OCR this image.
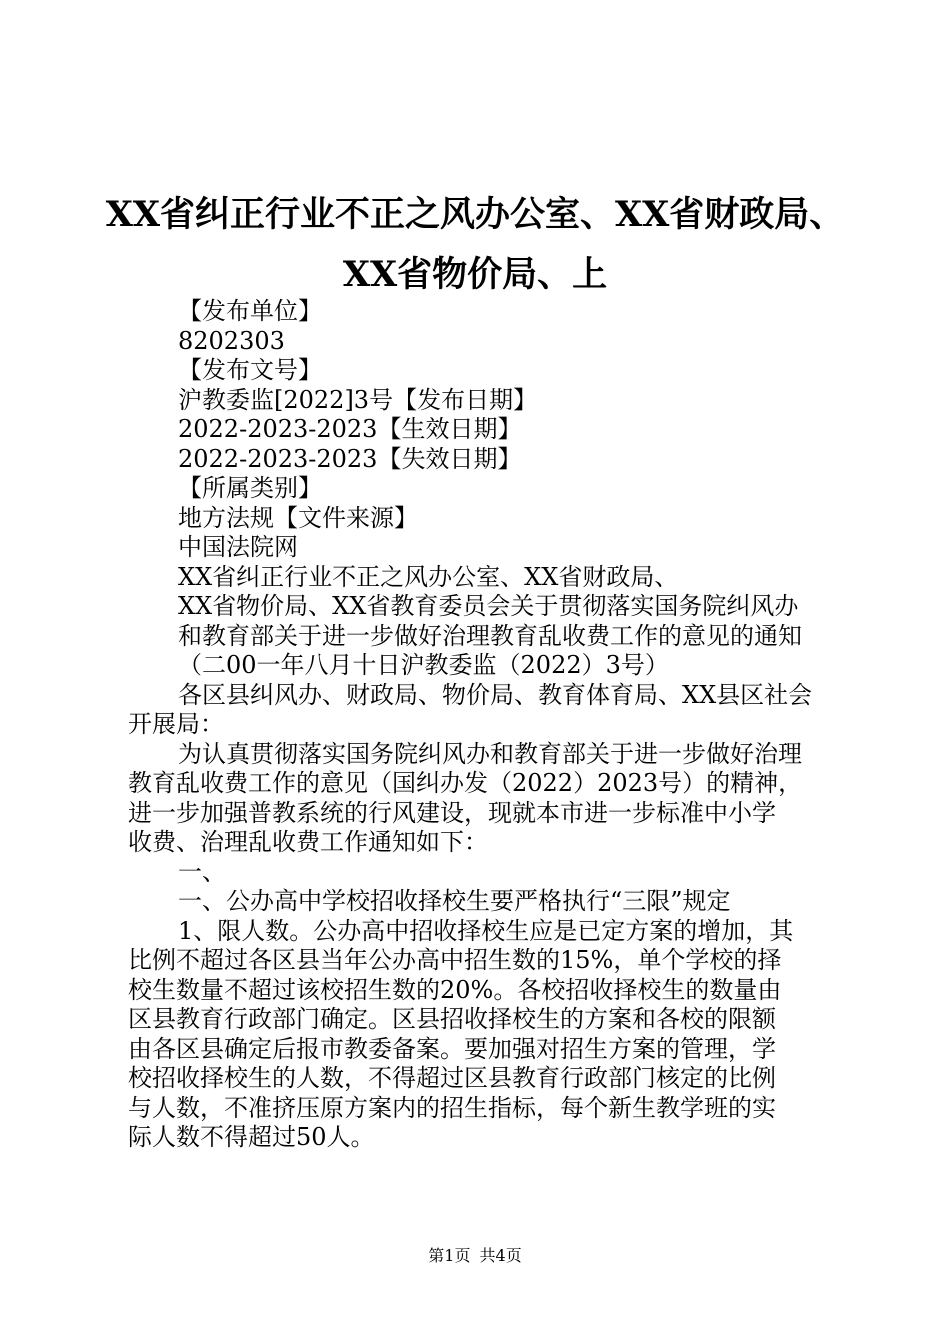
XX省纠正行业不正之风办公室、XX省财政局、
XX省物价局、上
【发布单位】
8202303
【发布文号】
沪教委监[2022]3号【发布日期】
2022-2023-2023【生效日期】
2022-2023-2023【失效日期】
【所属类别】
地方法规【文件来源】
中国法院网
XX省纠正行业不正之风办公室、XX省财政局、
XX省物价局、XX省教育委员会关于贯彻落实国务院纠风办
和教育部关于进一步做好治理教育乱收费工作的意见的通知
（二00一年八月十日沪教委监（2022）3号）
各区县纠风办、财政局、物价局、教育体育局、XX县区社会
开展局：
为认真贯彻落实国务院纠风办和教育部关于进一步做好治理
教育乱收费工作的意见（国纠办发（2022）2023号）的精神，
进一步加强普教系统的行风建设，现就本市进一步标准中小学
收费、治理乱收费工作通知如下：
一、
一、公办高中学校招收择校生要严格执行“三限”规定
1、限人数。公办高中招收择校生应是已定方案的增加，其
比例不超过各区县当年公办高中招生数的15%，单个学校的择
校生数量不超过该校招生数的20%。各校招收择校生的数量由
区县教育行政部门确定。区县招收择校生的方案和各校的限额
由各区县确定后报市教委备案。要加强对招生方案的管理，学
校招收择校生的人数，不得超过区县教育行政部门核定的比例
与人数，不准挤压原方案内的招生指标，每个新生教学班的实
际人数不得超过50人。
第1页 共4页
